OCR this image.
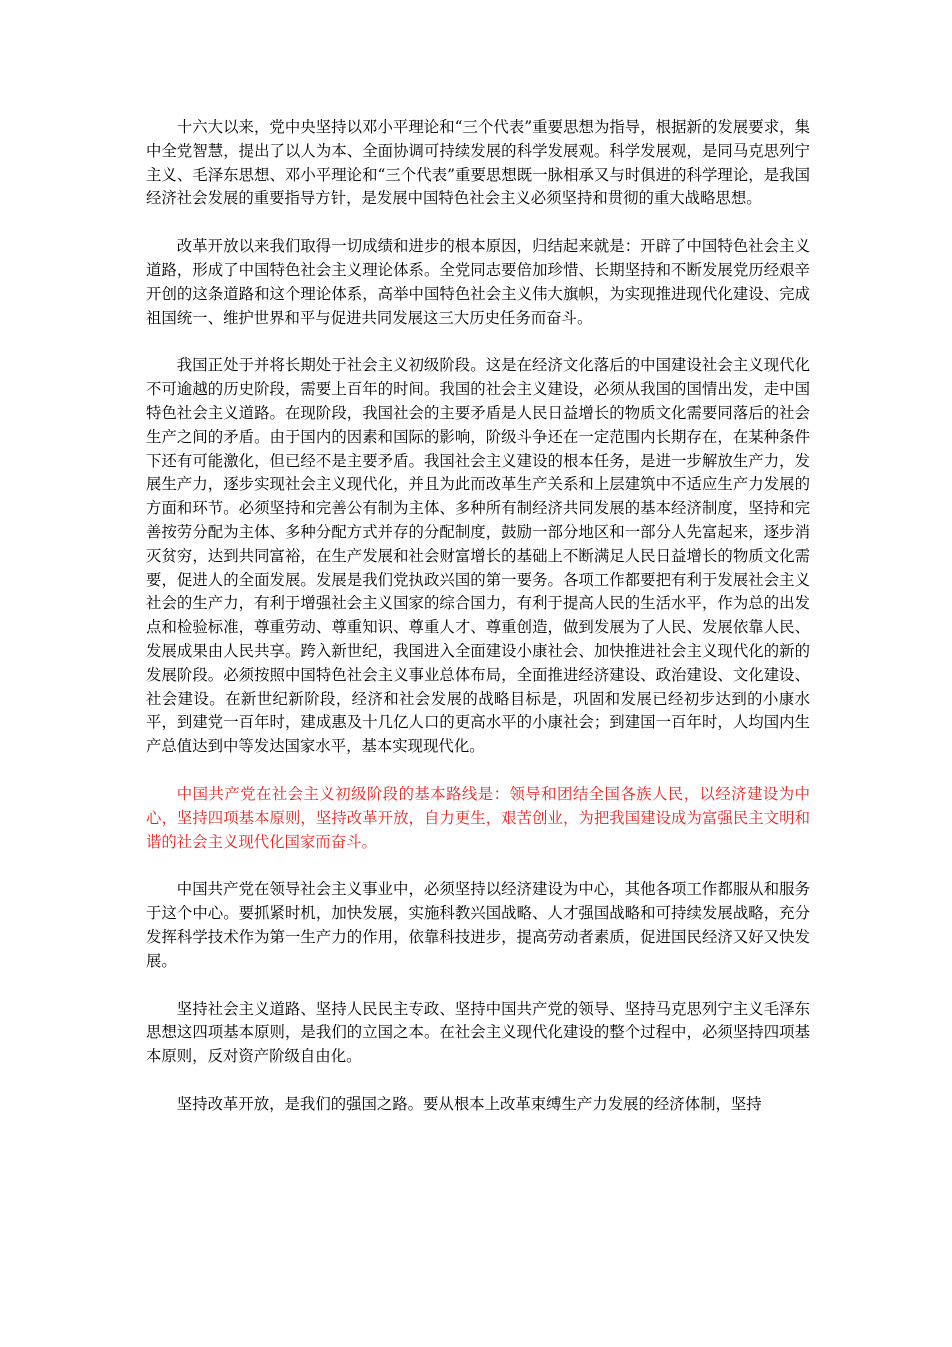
十六大以来，党中央坚持以邓小平理论和“三个代表”重要思想为指导，根据新的发展要求，集中全党智慧，提出了以人为本、全面协调可持续发展的科学发展观。科学发展观，是同马克思列宁主义、毛泽东思想、邓小平理论和“三个代表”重要思想既一脉相承又与时俱进的科学理论，是我国经济社会发展的重要指导方针，是发展中国特色社会主义必须坚持和贯彻的重大战略思想。

改革开放以来我们取得一切成绩和进步的根本原因，归结起来就是：开辟了中国特色社会主义道路，形成了中国特色社会主义理论体系。全党同志要倍加珍惜、长期坚持和不断发展党历经艰辛开创的这条道路和这个理论体系，高举中国特色社会主义伟大旗帜，为实现推进现代化建设、完成祖国统一、维护世界和平与促进共同发展这三大历史任务而奋斗。

我国正处于并将长期处于社会主义初级阶段。这是在经济文化落后的中国建设社会主义现代化不可逾越的历史阶段，需要上百年的时间。我国的社会主义建设，必须从我国的国情出发，走中国特色社会主义道路。在现阶段，我国社会的主要矛盾是人民日益增长的物质文化需要同落后的社会生产之间的矛盾。由于国内的因素和国际的影响，阶级斗争还在一定范围内长期存在，在某种条件下还有可能激化，但已经不是主要矛盾。我国社会主义建设的根本任务，是进一步解放生产力，发展生产力，逐步实现社会主义现代化，并且为此而改革生产关系和上层建筑中不适应生产力发展的方面和环节。必须坚持和完善公有制为主体、多种所有制经济共同发展的基本经济制度，坚持和完善按劳分配为主体、多种分配方式并存的分配制度，鼓励一部分地区和一部分人先富起来，逐步消灭贫穷，达到共同富裕，在生产发展和社会财富增长的基础上不断满足人民日益增长的物质文化需要，促进人的全面发展。发展是我们党执政兴国的第一要务。各项工作都要把有利于发展社会主义社会的生产力，有利于增强社会主义国家的综合国力，有利于提高人民的生活水平，作为总的出发点和检验标准，尊重劳动、尊重知识、尊重人才、尊重创造，做到发展为了人民、发展依靠人民、发展成果由人民共享。跨入新世纪，我国进入全面建设小康社会、加快推进社会主义现代化的新的发展阶段。必须按照中国特色社会主义事业总体布局，全面推进经济建设、政治建设、文化建设、社会建设。在新世纪新阶段，经济和社会发展的战略目标是，巩固和发展已经初步达到的小康水平，到建党一百年时，建成惠及十几亿人口的更高水平的小康社会；到建国一百年时，人均国内生产总值达到中等发达国家水平，基本实现现代化。

中国共产党在社会主义初级阶段的基本路线是：领导和团结全国各族人民，以经济建设为中心，坚持四项基本原则，坚持改革开放，自力更生，艰苦创业，为把我国建设成为富强民主文明和谐的社会主义现代化国家而奋斗。

中国共产党在领导社会主义事业中，必须坚持以经济建设为中心，其他各项工作都服从和服务于这个中心。要抓紧时机，加快发展，实施科教兴国战略、人才强国战略和可持续发展战略，充分发挥科学技术作为第一生产力的作用，依靠科技进步，提高劳动者素质，促进国民经济又好又快发展。

坚持社会主义道路、坚持人民民主专政、坚持中国共产党的领导、坚持马克思列宁主义毛泽东思想这四项基本原则，是我们的立国之本。在社会主义现代化建设的整个过程中，必须坚持四项基本原则，反对资产阶级自由化。

坚持改革开放，是我们的强国之路。要从根本上改革束缚生产力发展的经济体制，坚持
